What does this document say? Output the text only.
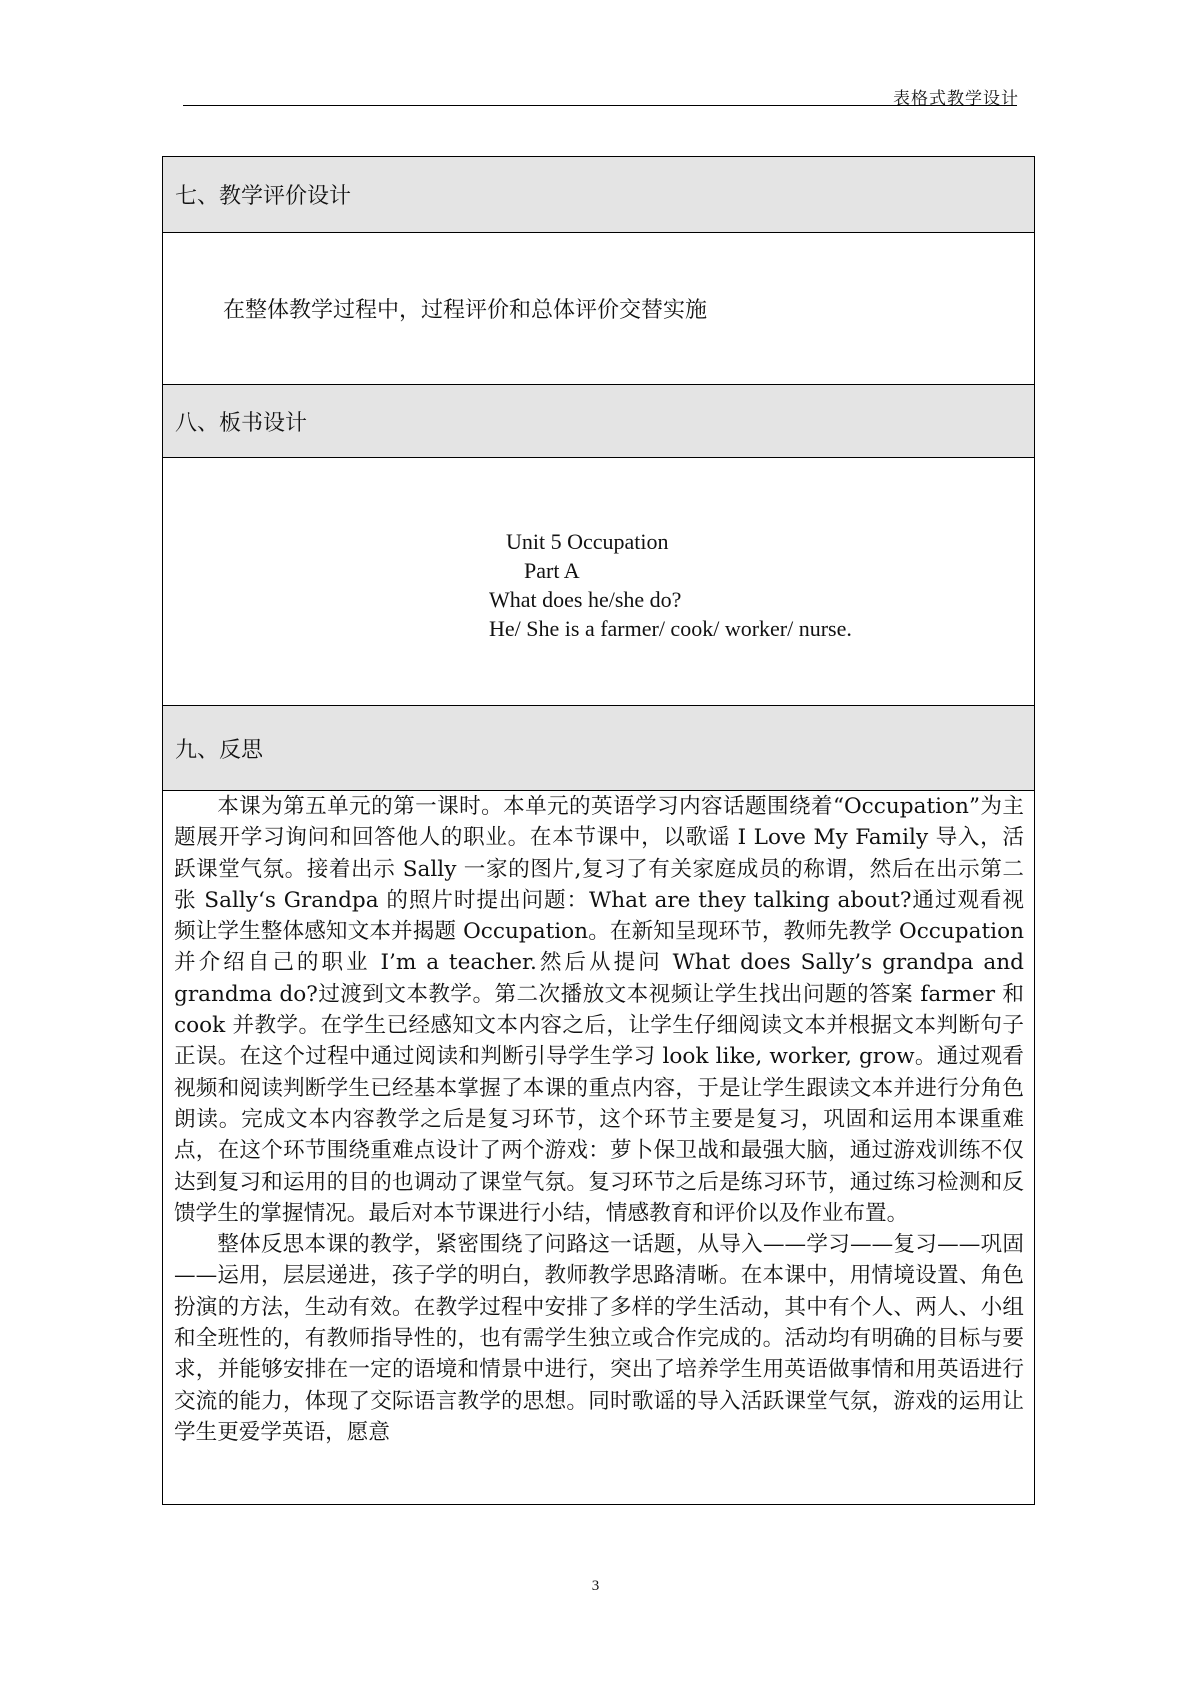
表格式教学设计
七、教学评价设计
在整体教学过程中，过程评价和总体评价交替实施
八、板书设计

Unit 5 Occupation
Part A
What does he/she do?
He/ She is a farmer/ cook/ worker/ nurse.

九、反思

本课为第五单元的第一课时。本单元的英语学习内容话题围绕着“Occupation”为主题展开学习询问和回答他人的职业。在本节课中，以歌谣 I Love My Family 导入，活跃课堂气氛。接着出示 Sally 一家的图片,复习了有关家庭成员的称谓，然后在出示第二张 Sally‘s Grandpa 的照片时提出问题：What are they talking about?通过观看视频让学生整体感知文本并揭题 Occupation。在新知呈现环节，教师先教学 Occupation 并介绍自己的职业 I’m a teacher.然后从提问 What does Sally’s grandpa and grandma do?过渡到文本教学。第二次播放文本视频让学生找出问题的答案 farmer 和 cook 并教学。在学生已经感知文本内容之后，让学生仔细阅读文本并根据文本判断句子正误。在这个过程中通过阅读和判断引导学生学习 look like, worker, grow。通过观看视频和阅读判断学生已经基本掌握了本课的重点内容，于是让学生跟读文本并进行分角色朗读。完成文本内容教学之后是复习环节，这个环节主要是复习，巩固和运用本课重难点，在这个环节围绕重难点设计了两个游戏：萝卜保卫战和最强大脑，通过游戏训练不仅达到复习和运用的目的也调动了课堂气氛。复习环节之后是练习环节，通过练习检测和反馈学生的掌握情况。最后对本节课进行小结，情感教育和评价以及作业布置。

整体反思本课的教学，紧密围绕了问路这一话题，从导入——学习——复习——巩固——运用，层层递进，孩子学的明白，教师教学思路清晰。在本课中，用情境设置、角色扮演的方法，生动有效。在教学过程中安排了多样的学生活动，其中有个人、两人、小组和全班性的，有教师指导性的，也有需学生独立或合作完成的。活动均有明确的目标与要求，并能够安排在一定的语境和情景中进行，突出了培养学生用英语做事情和用英语进行交流的能力，体现了交际语言教学的思想。同时歌谣的导入活跃课堂气氛，游戏的运用让学生更爱学英语，愿意

3
